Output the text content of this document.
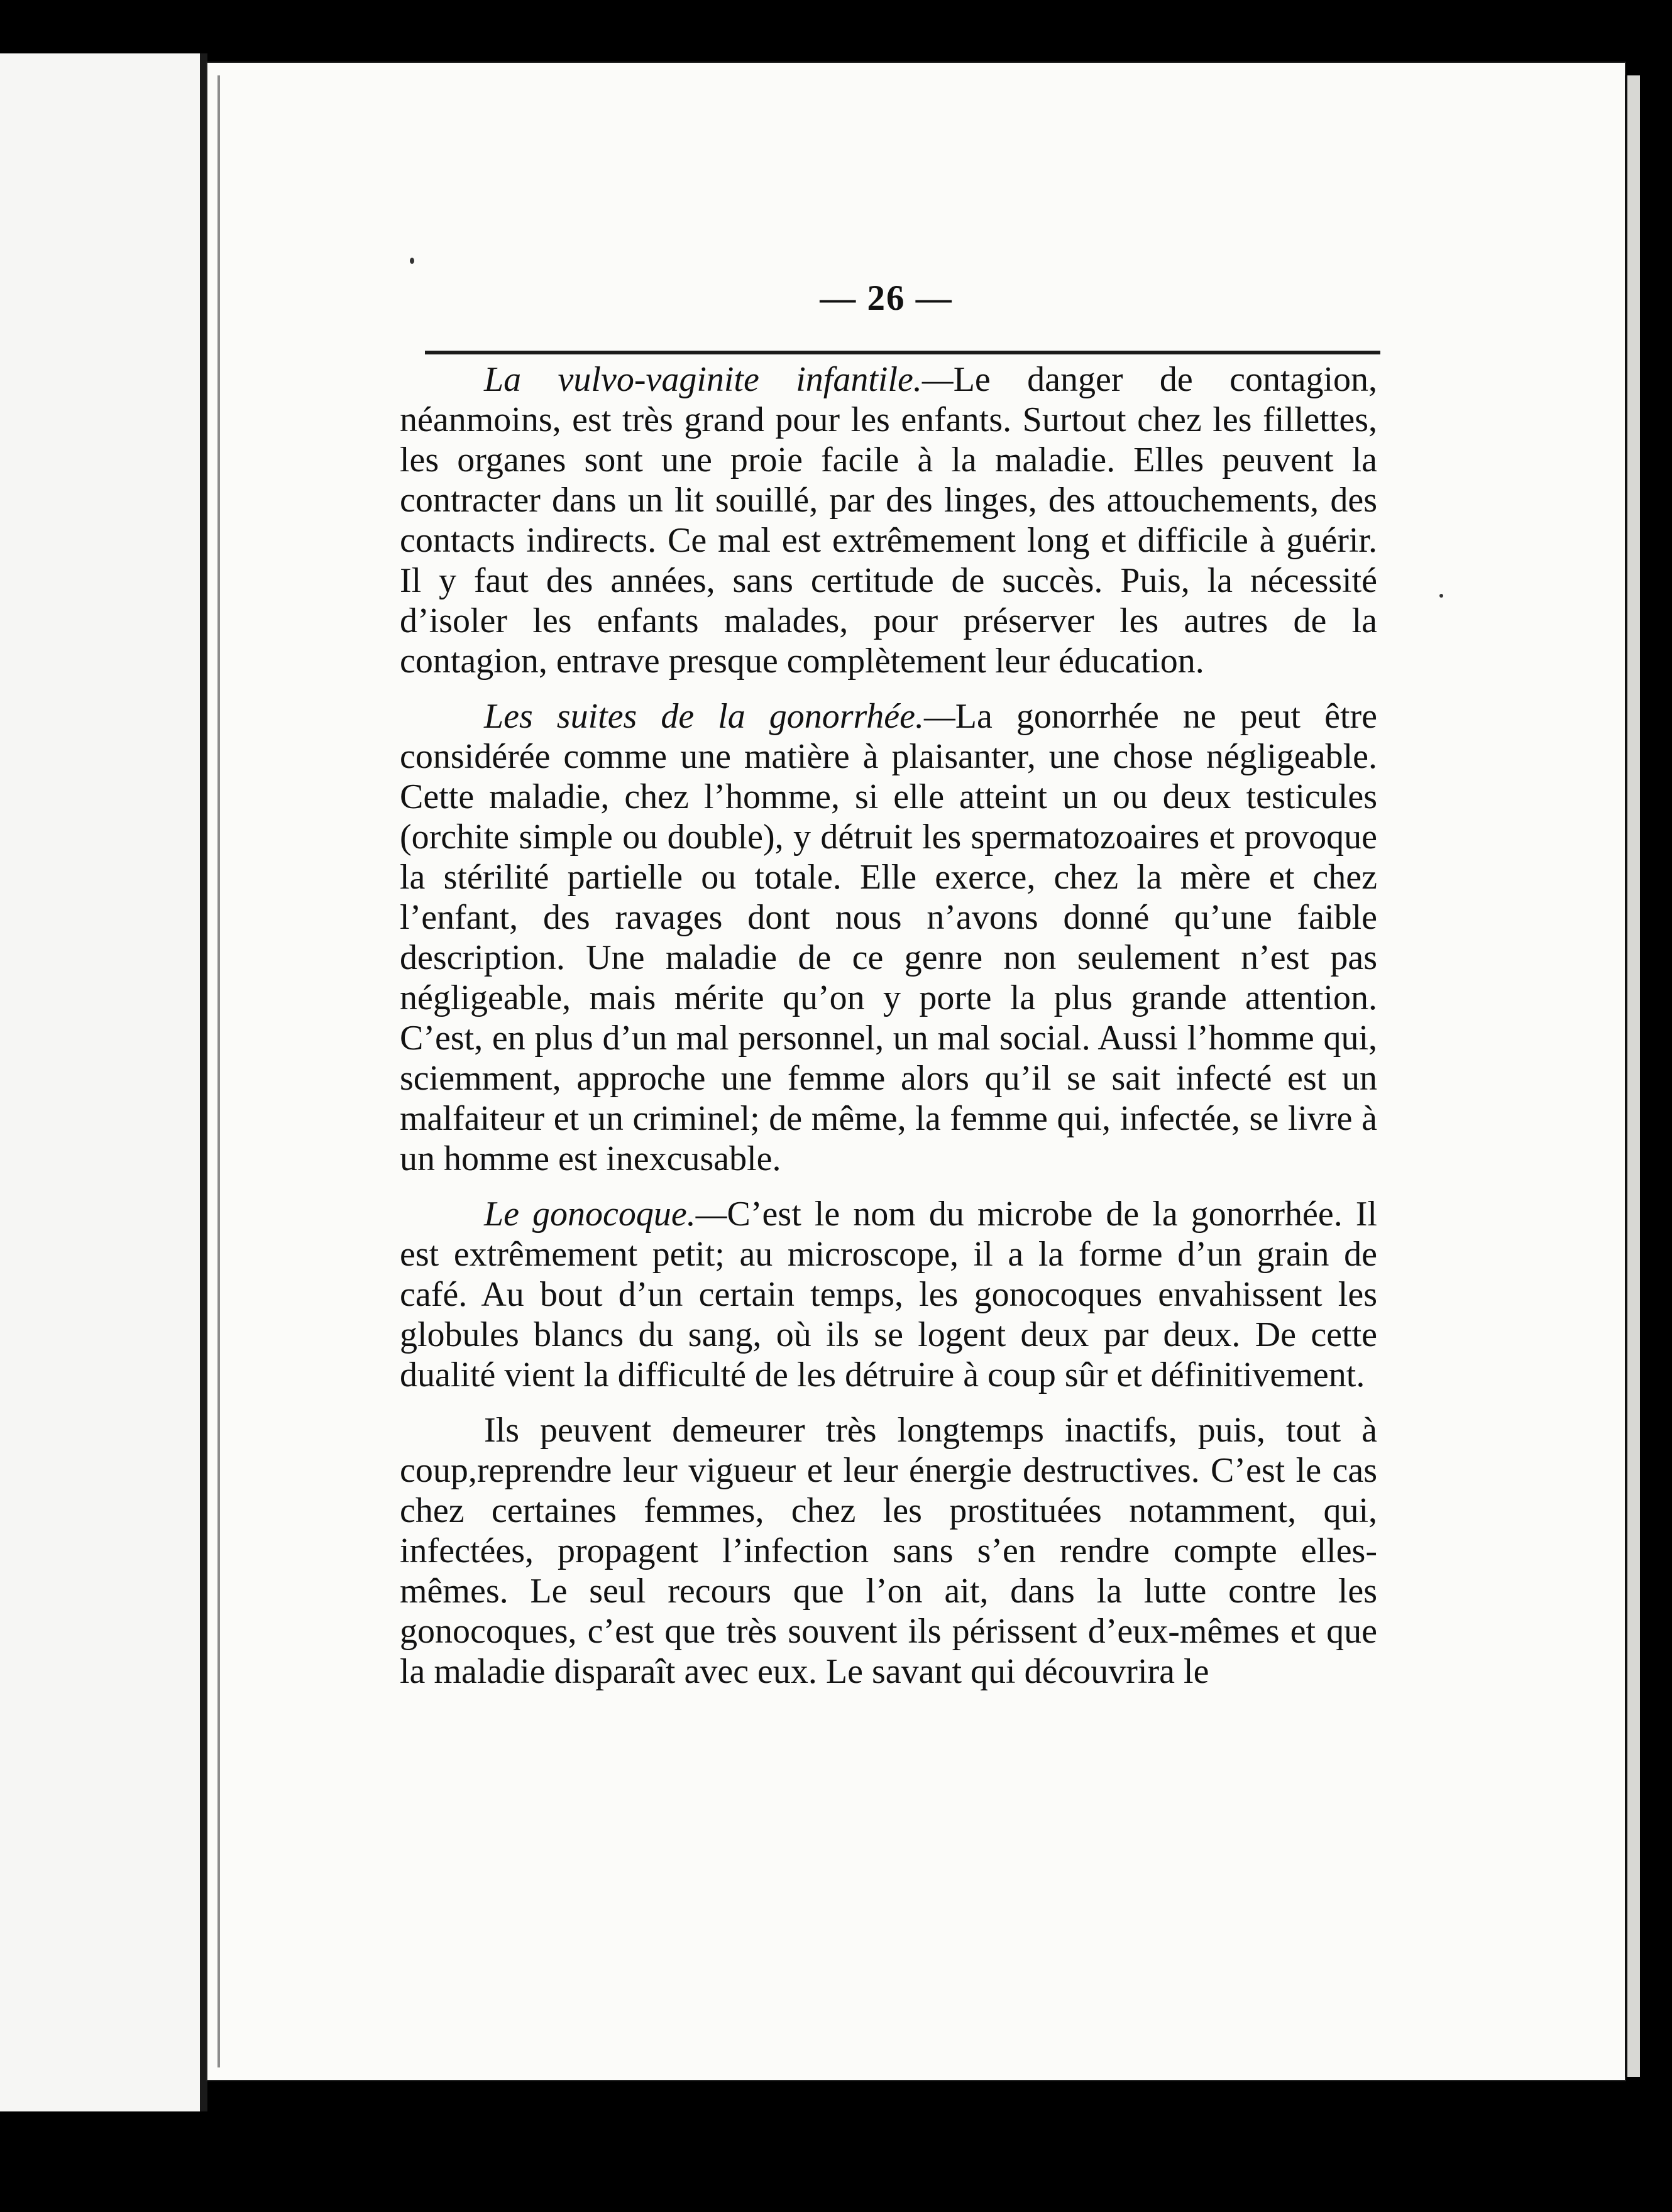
— 26 —

La vulvo-vaginite infantile.—Le danger de contagion, néanmoins, est très grand pour les enfants. Surtout chez les fillettes, les organes sont une proie facile à la maladie. Elles peuvent la contracter dans un lit souillé, par des linges, des attouchements, des contacts indirects. Ce mal est extrêmement long et difficile à guérir. Il y faut des années, sans certitude de succès. Puis, la nécessité d’isoler les enfants malades, pour préserver les autres de la contagion, entrave presque complètement leur éducation.

Les suites de la gonorrhée.—La gonorrhée ne peut être considérée comme une matière à plaisanter, une chose négligeable. Cette maladie, chez l’homme, si elle atteint un ou deux testicules (orchite simple ou double), y détruit les spermatozoaires et provoque la stérilité partielle ou totale. Elle exerce, chez la mère et chez l’enfant, des ravages dont nous n’avons donné qu’une faible description. Une maladie de ce genre non seulement n’est pas négligeable, mais mérite qu’on y porte la plus grande attention. C’est, en plus d’un mal personnel, un mal social. Aussi l’homme qui, sciemment, approche une femme alors qu’il se sait infecté est un malfaiteur et un criminel; de même, la femme qui, infectée, se livre à un homme est inexcusable.

Le gonocoque.—C’est le nom du microbe de la gonorrhée. Il est extrêmement petit; au microscope, il a la forme d’un grain de café. Au bout d’un certain temps, les gonocoques envahissent les globules blancs du sang, où ils se logent deux par deux. De cette dualité vient la difficulté de les détruire à coup sûr et définitivement.

Ils peuvent demeurer très longtemps inactifs, puis, tout à coup,reprendre leur vigueur et leur énergie destructives. C’est le cas chez certaines femmes, chez les prostituées notamment, qui, infectées, propagent l’infection sans s’en rendre compte elles-mêmes. Le seul recours que l’on ait, dans la lutte contre les gonocoques, c’est que très souvent ils périssent d’eux-mêmes et que la maladie disparaît avec eux. Le savant qui découvrira le
